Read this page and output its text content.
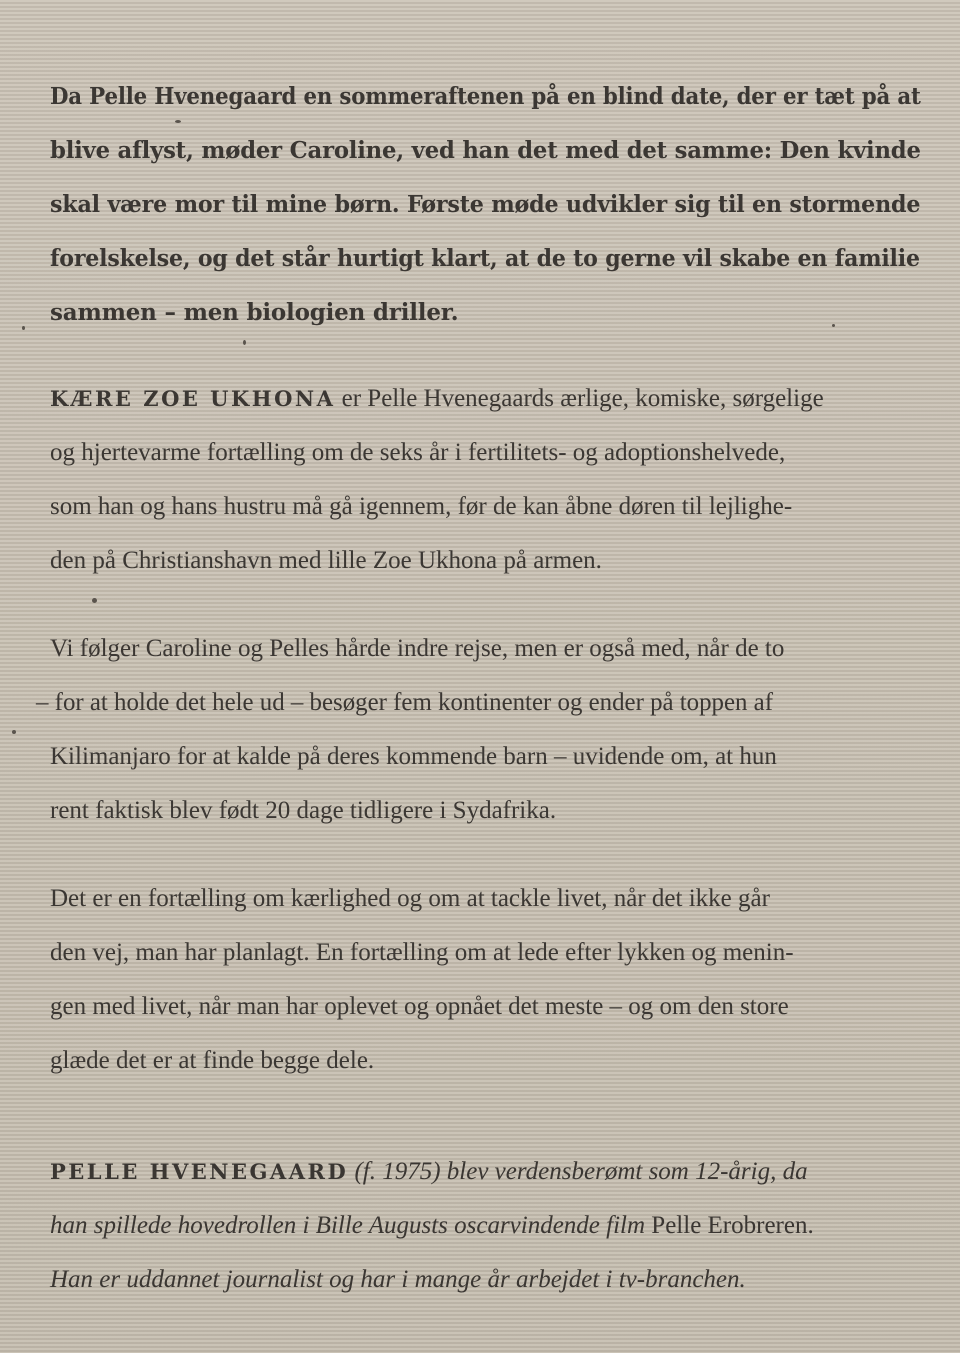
Da Pelle Hvenegaard en sommeraftenen på en blind date, der er tæt på at
blive aflyst, møder Caroline, ved han det med det samme: Den kvinde
skal være mor til mine børn. Første møde udvikler sig til en stormende
forelskelse, og det står hurtigt klart, at de to gerne vil skabe en familie
sammen – men biologien driller.
KÆRE ZOE UKHONA er Pelle Hvenegaards ærlige, komiske, sørgelige
og hjertevarme fortælling om de seks år i fertilitets- og adoptionshelvede,
som han og hans hustru må gå igennem, før de kan åbne døren til lejlighe-
den på Christianshavn med lille Zoe Ukhona på armen.
Vi følger Caroline og Pelles hårde indre rejse, men er også med, når de to
– for at holde det hele ud – besøger fem kontinenter og ender på toppen af
Kilimanjaro for at kalde på deres kommende barn – uvidende om, at hun
rent faktisk blev født 20 dage tidligere i Sydafrika.
Det er en fortælling om kærlighed og om at tackle livet, når det ikke går
den vej, man har planlagt. En fortælling om at lede efter lykken og menin-
gen med livet, når man har oplevet og opnået det meste – og om den store
glæde det er at finde begge dele.
PELLE HVENEGAARD (f. 1975) blev verdensberømt som 12-årig, da
han spillede hovedrollen i Bille Augusts oscarvindende film Pelle Erobreren.
Han er uddannet journalist og har i mange år arbejdet i tv-branchen.
